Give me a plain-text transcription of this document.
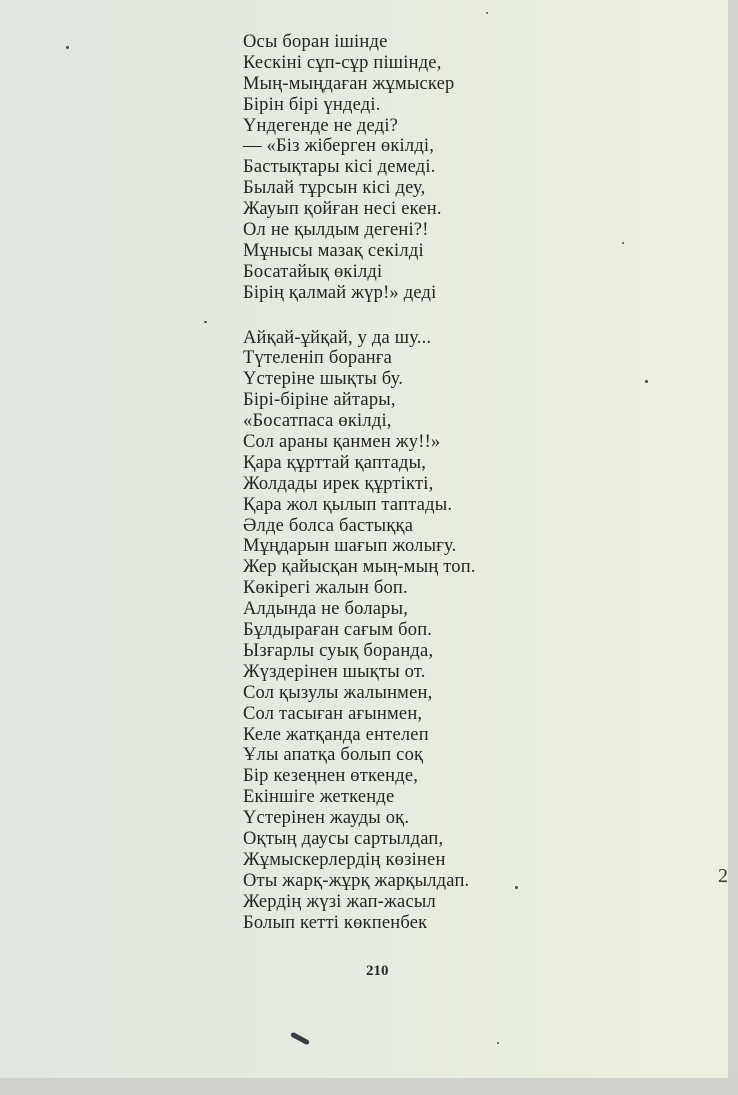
Осы боран ішінде
Кескіні сұп-сұр пішінде,
Мың-мыңдаған жұмыскер
Бірін бірі үндеді.
Үндегенде не деді?
— «Біз жіберген өкілді,
Бастықтары кісі демеді.
Былай тұрсын кісі деу,
Жауып қойған несі екен.
Ол не қылдым дегені?!
Мұнысы мазақ секілді
Босатайық өкілді
Бірің қалмай жүр!» деді
Айқай-ұйқай, у да шу...
Түтеленіп боранға
Үстеріне шықты бу.
Бірі-біріне айтары,
«Босатпаса өкілді,
Сол араны қанмен жу!!»
Қара құрттай қаптады,
Жолдады ирек құртікті,
Қара жол қылып таптады.
Әлде болса бастыққа
Мұңдарын шағып жолығу.
Жер қайысқан мың-мың топ.
Көкірегі жалын боп.
Алдында не болары,
Бұлдыраған сағым боп.
Ызғарлы суық боранда,
Жүздерінен шықты от.
Сол қызулы жалынмен,
Сол тасыған ағынмен,
Келе жатқанда ентелеп
Ұлы апатқа болып соқ
Бір кезеңнен өткенде,
Екіншіге жеткенде
Үстерінен жауды оқ.
Оқтың даусы сартылдап,
Жұмыскерлердің көзінен
Оты жарқ-жұрқ жарқылдап.
Жердің жүзі жап-жасыл
Болып кетті көкпенбек
210
2
